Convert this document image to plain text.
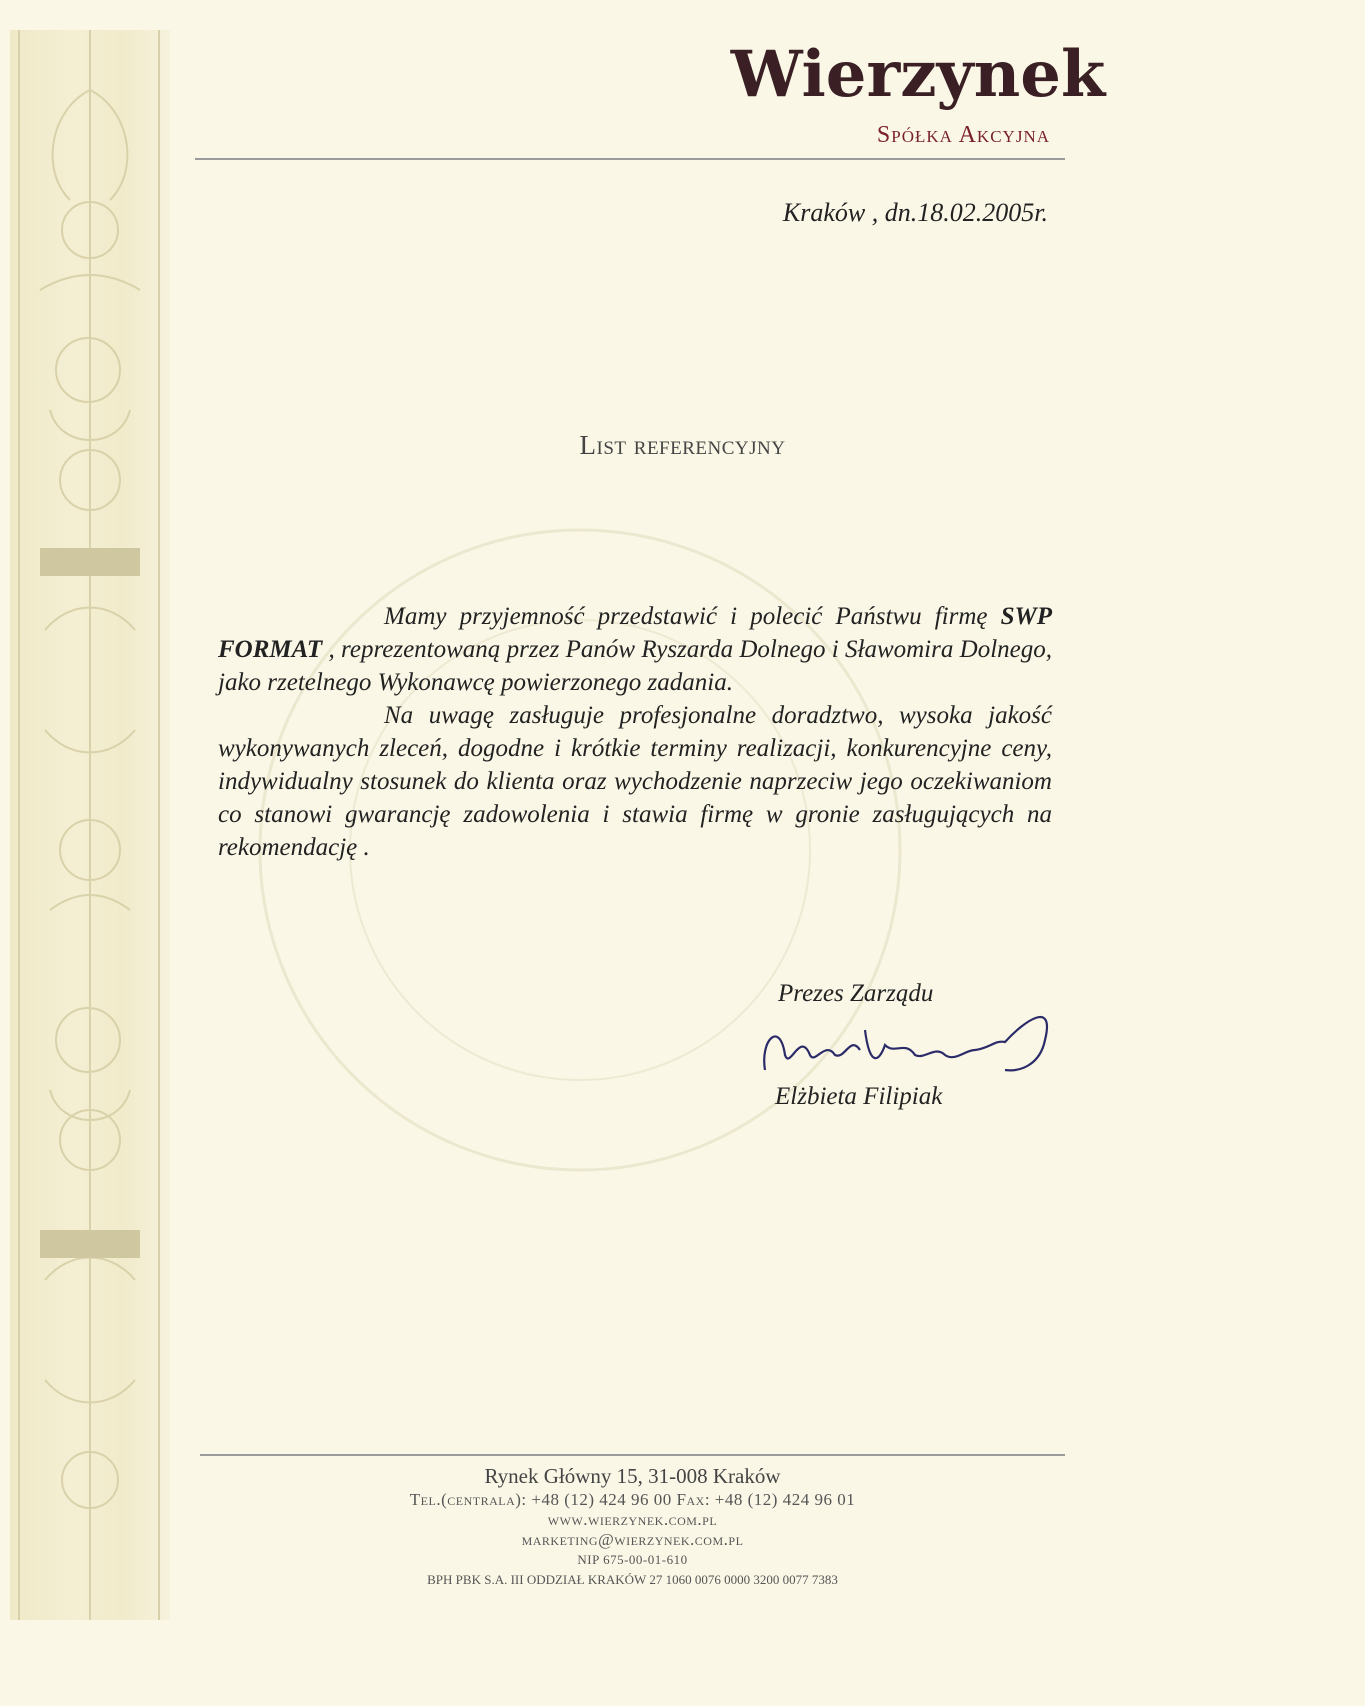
Wierzynek
Spółka Akcyjna
Kraków , dn.18.02.2005r.
List referencyjny

Mamy przyjemność przedstawić i polecić Państwu firmę SWP FORMAT , reprezentowaną przez Panów Ryszarda Dolnego i Sławomira Dolnego, jako rzetelnego Wykonawcę powierzonego zadania.

Na uwagę zasługuje profesjonalne doradztwo, wysoka jakość wykonywanych zleceń, dogodne i krótkie terminy realizacji, konkurencyjne ceny, indywidualny stosunek do klienta oraz wychodzenie naprzeciw jego oczekiwaniom co stanowi gwarancję zadowolenia i stawia firmę w gronie zasługujących na rekomendację .

Prezes Zarządu
Elżbieta Filipiak
Rynek Główny 15, 31-008 Kraków
Tel.(centrala): +48 (12) 424 96 00 Fax: +48 (12) 424 96 01
www.wierzynek.com.pl
marketing@wierzynek.com.pl
NIP 675-00-01-610
BPH PBK S.A. III ODDZIAŁ KRAKÓW 27 1060 0076 0000 3200 0077 7383
